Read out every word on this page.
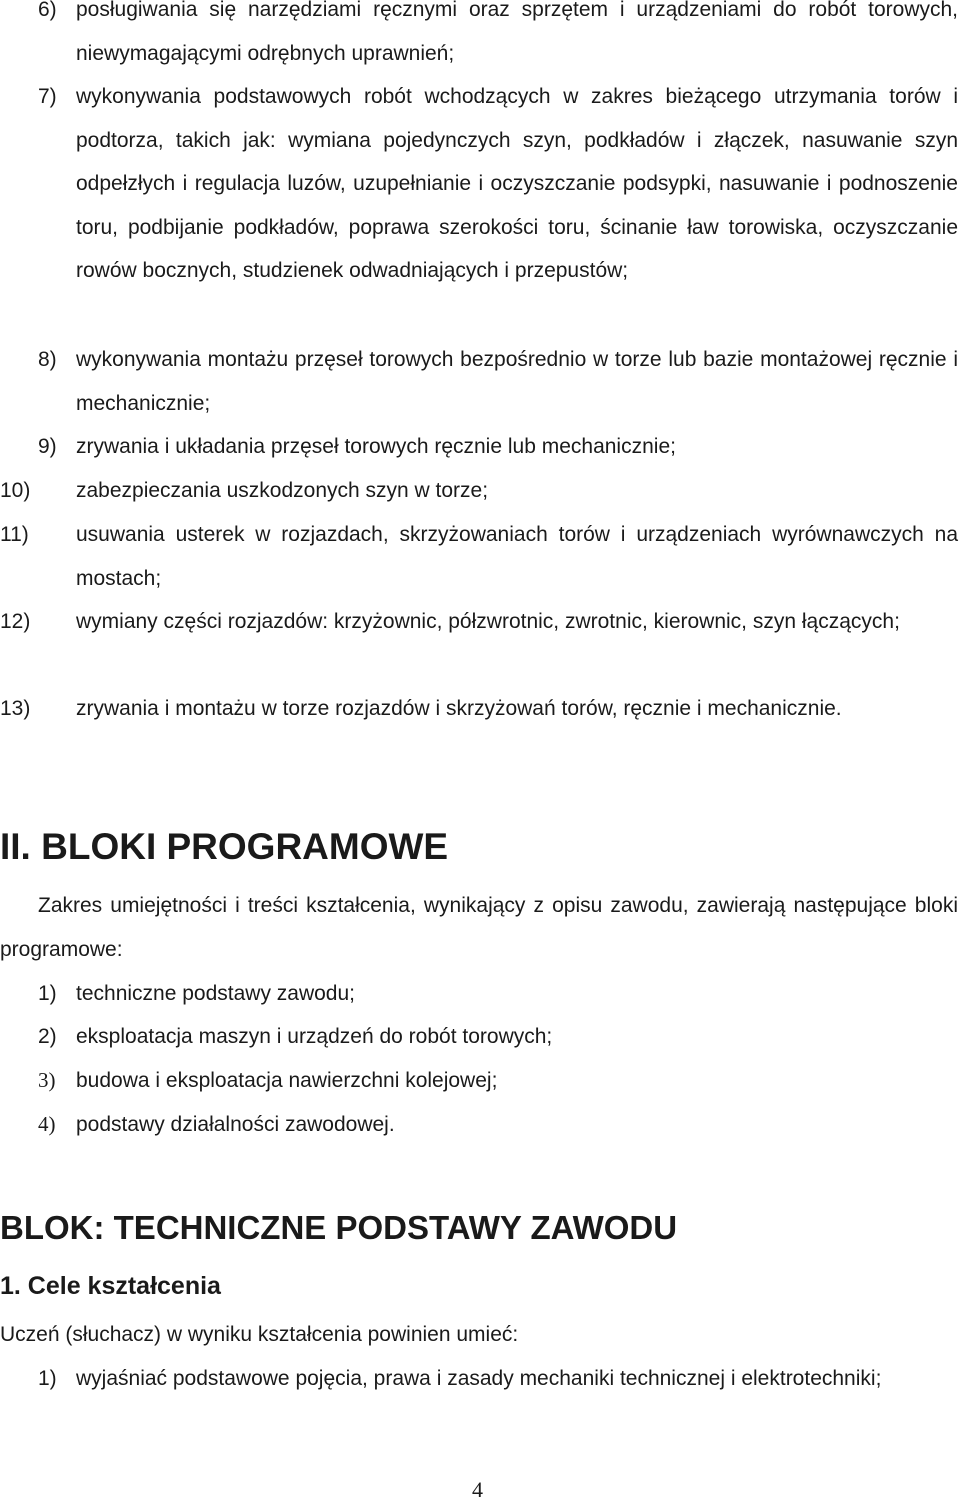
6) posługiwania się narzędziami ręcznymi oraz sprzętem i urządzeniami do robót torowych, niewymagającymi odrębnych uprawnień;
7) wykonywania podstawowych robót wchodzących w zakres bieżącego utrzymania torów i podtorza, takich jak: wymiana pojedynczych szyn, podkładów i złączek, nasuwanie szyn odpełzłych i regulacja luzów, uzupełnianie i oczyszczanie podsypki, nasuwanie i podnoszenie toru, podbijanie podkładów, poprawa szerokości toru, ścinanie ław torowiska, oczyszczanie rowów bocznych, studzienek odwadniających i przepustów;
8) wykonywania montażu przęseł torowych bezpośrednio w torze lub bazie montażowej ręcznie i mechanicznie;
9) zrywania i układania przęseł torowych ręcznie lub mechanicznie;
10) zabezpieczania uszkodzonych szyn w torze;
11) usuwania usterek w rozjazdach, skrzyżowaniach torów i urządzeniach wyrównawczych na mostach;
12) wymiany części rozjazdów: krzyżownic, półzwrotnic, zwrotnic, kierownic, szyn łączących;
13) zrywania i montażu w torze rozjazdów i skrzyżowań torów, ręcznie i mechanicznie.
II. BLOKI PROGRAMOWE
Zakres umiejętności i treści kształcenia, wynikający z opisu zawodu, zawierają następujące bloki programowe:
1) techniczne podstawy zawodu;
2) eksploatacja maszyn i urządzeń do robót torowych;
3) budowa i eksploatacja nawierzchni kolejowej;
4) podstawy działalności zawodowej.
BLOK: TECHNICZNE PODSTAWY ZAWODU
1. Cele kształcenia
Uczeń (słuchacz) w wyniku kształcenia powinien umieć:
1) wyjaśniać podstawowe pojęcia, prawa i zasady mechaniki technicznej i elektrotechniki;
4
